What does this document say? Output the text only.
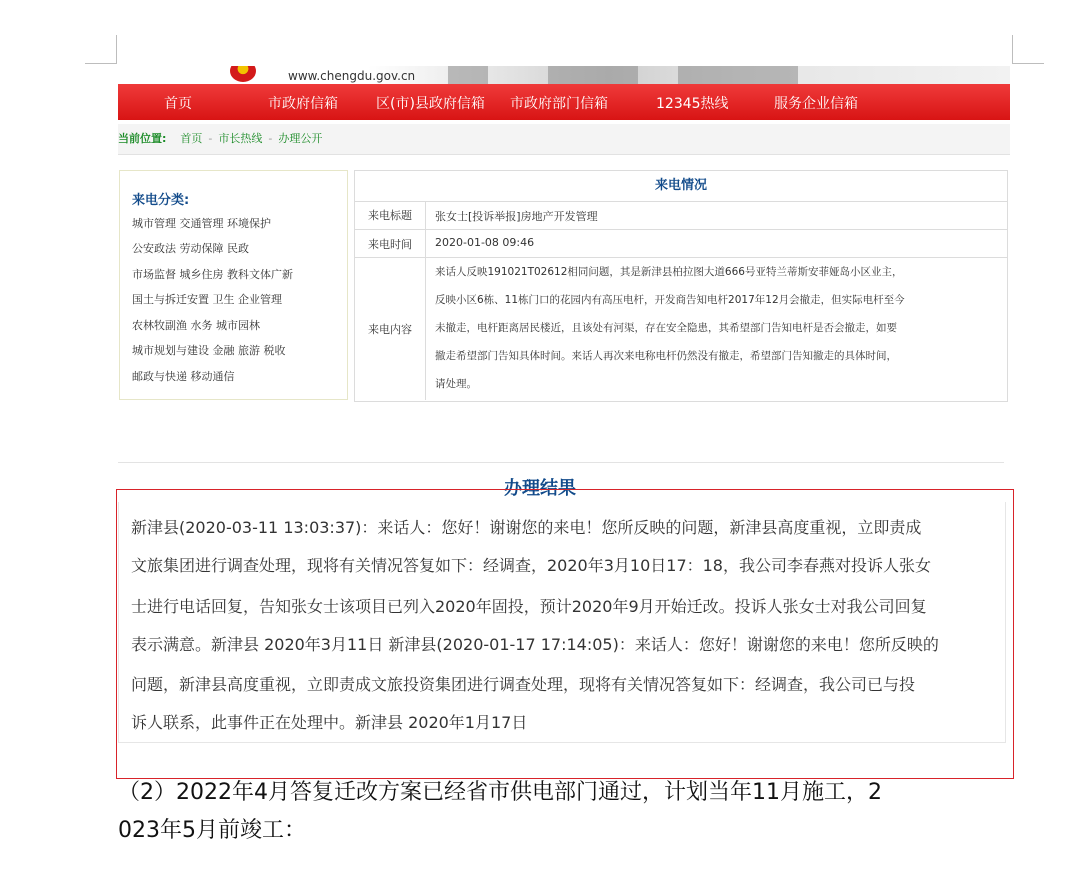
www.chengdu.gov.cn
首页	市政府信箱	区(市)县政府信箱 市政府部门信箱	12345热线	服务企业信箱
当前位置: 首页 - 市长热线 - 办理公开
来电分类:
城市管理 交通管理 环境保护
公安政法 劳动保障 民政
市场监督 城乡住房 教科文体广新
国土与拆迁安置 卫生 企业管理
农林牧副渔 水务 城市园林
城市规划与建设 金融 旅游 税收
邮政与快递 移动通信
来电情况
来电标题	张女士[投诉举报]房地产开发管理
来电时间	2020-01-08 09:46
来电内容
来话人反映191021T02612相同问题，其是新津县柏拉图大道666号亚特兰蒂斯安菲娅岛小区业主，
反映小区6栋、11栋门口的花园内有高压电杆，开发商告知电杆2017年12月会撤走，但实际电杆至今
未撤走，电杆距离居民楼近，且该处有河渠，存在安全隐患，其希望部门告知电杆是否会撤走，如要
撤走希望部门告知具体时间。来话人再次来电称电杆仍然没有撤走，希望部门告知撤走的具体时间，
请处理。
办理结果
新津县(2020-03-11 13:03:37)：来话人：您好！谢谢您的来电！您所反映的问题，新津县高度重视，立即责成
文旅集团进行调查处理，现将有关情况答复如下：经调查，2020年3月10日17：18，我公司李春燕对投诉人张女
士进行电话回复，告知张女士该项目已列入2020年固投，预计2020年9月开始迁改。投诉人张女士对我公司回复
表示满意。新津县 2020年3月11日 新津县(2020-01-17 17:14:05)：来话人：您好！谢谢您的来电！您所反映的
问题，新津县高度重视，立即责成文旅投资集团进行调查处理，现将有关情况答复如下：经调查，我公司已与投
诉人联系，此事件正在处理中。新津县 2020年1月17日
（2）2022年4月答复迁改方案已经省市供电部门通过，计划当年11月施工，2
023年5月前竣工：
